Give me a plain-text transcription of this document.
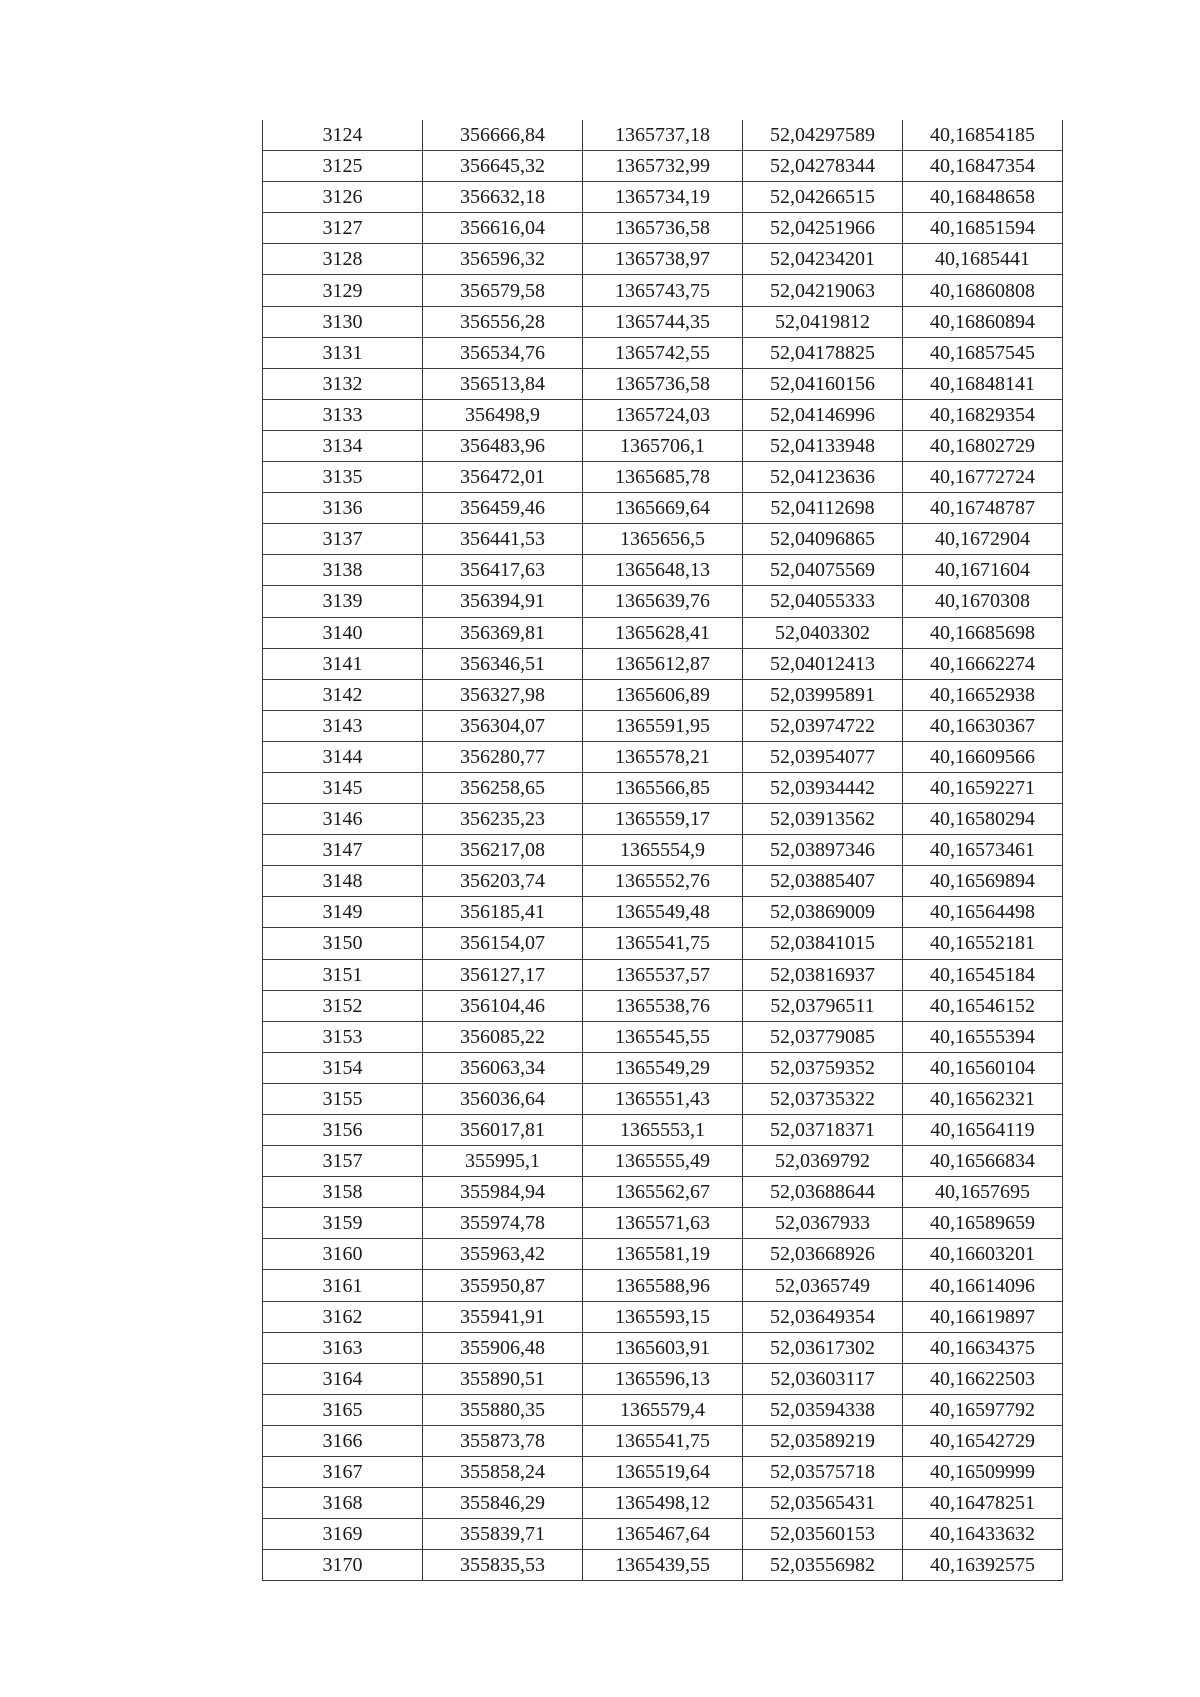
3124	356666,84	1365737,18	52,04297589	40,16854185
3125	356645,32	1365732,99	52,04278344	40,16847354
3126	356632,18	1365734,19	52,04266515	40,16848658
3127	356616,04	1365736,58	52,04251966	40,16851594
3128	356596,32	1365738,97	52,04234201	40,1685441
3129	356579,58	1365743,75	52,04219063	40,16860808
3130	356556,28	1365744,35	52,0419812	40,16860894
3131	356534,76	1365742,55	52,04178825	40,16857545
3132	356513,84	1365736,58	52,04160156	40,16848141
3133	356498,9	1365724,03	52,04146996	40,16829354
3134	356483,96	1365706,1	52,04133948	40,16802729
3135	356472,01	1365685,78	52,04123636	40,16772724
3136	356459,46	1365669,64	52,04112698	40,16748787
3137	356441,53	1365656,5	52,04096865	40,1672904
3138	356417,63	1365648,13	52,04075569	40,1671604
3139	356394,91	1365639,76	52,04055333	40,1670308
3140	356369,81	1365628,41	52,0403302	40,16685698
3141	356346,51	1365612,87	52,04012413	40,16662274
3142	356327,98	1365606,89	52,03995891	40,16652938
3143	356304,07	1365591,95	52,03974722	40,16630367
3144	356280,77	1365578,21	52,03954077	40,16609566
3145	356258,65	1365566,85	52,03934442	40,16592271
3146	356235,23	1365559,17	52,03913562	40,16580294
3147	356217,08	1365554,9	52,03897346	40,16573461
3148	356203,74	1365552,76	52,03885407	40,16569894
3149	356185,41	1365549,48	52,03869009	40,16564498
3150	356154,07	1365541,75	52,03841015	40,16552181
3151	356127,17	1365537,57	52,03816937	40,16545184
3152	356104,46	1365538,76	52,03796511	40,16546152
3153	356085,22	1365545,55	52,03779085	40,16555394
3154	356063,34	1365549,29	52,03759352	40,16560104
3155	356036,64	1365551,43	52,03735322	40,16562321
3156	356017,81	1365553,1	52,03718371	40,16564119
3157	355995,1	1365555,49	52,0369792	40,16566834
3158	355984,94	1365562,67	52,03688644	40,1657695
3159	355974,78	1365571,63	52,0367933	40,16589659
3160	355963,42	1365581,19	52,03668926	40,16603201
3161	355950,87	1365588,96	52,0365749	40,16614096
3162	355941,91	1365593,15	52,03649354	40,16619897
3163	355906,48	1365603,91	52,03617302	40,16634375
3164	355890,51	1365596,13	52,03603117	40,16622503
3165	355880,35	1365579,4	52,03594338	40,16597792
3166	355873,78	1365541,75	52,03589219	40,16542729
3167	355858,24	1365519,64	52,03575718	40,16509999
3168	355846,29	1365498,12	52,03565431	40,16478251
3169	355839,71	1365467,64	52,03560153	40,16433632
3170	355835,53	1365439,55	52,03556982	40,16392575
